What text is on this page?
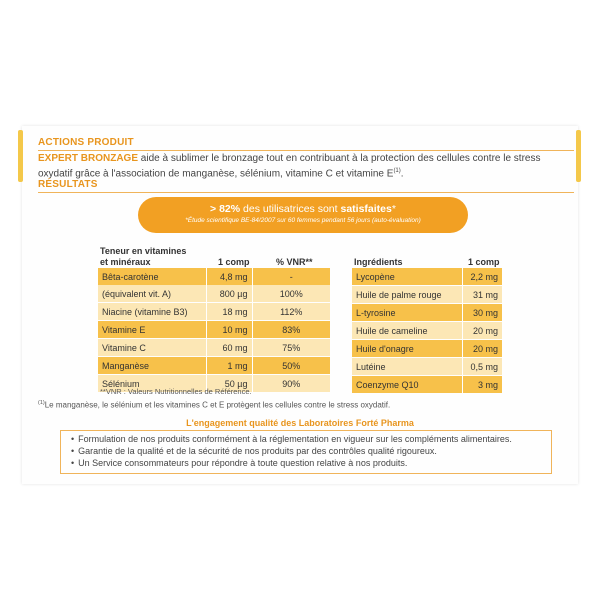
ACTIONS PRODUIT
EXPERT BRONZAGE aide à sublimer le bronzage tout en contribuant à la protection des cellules contre le stress oxydatif grâce à l'association de manganèse, sélénium, vitamine C et vitamine $E^{(1)}$.
RÉSULTATS
> 82% des utilisatrices sont satisfaites*
*Étude scientifique BE-84/2007 sur 60 femmes pendant 56 jours (auto-évaluation)
Teneur en vitamines
et minéraux	1 comp	% VNR**
Bêta-carotène	4,8 mg	-
(équivalent vit. A)	800 µg	100%

Niacine (vitamine B3)	18 mg	112%

Vitamine E	10 mg	83%

Vitamine C	60 mg	75%

Manganèse	1 mg	50%

Sélénium	50 µg	90%
**VNR : Valeurs Nutritionnelles de Référence.
Ingrédients	1 comp
Lycopène	2,2 mg

Huile de palme rouge	31 mg

L-tyrosine	30 mg

Huile de cameline	20 mg

Huile d'onagre	20 mg

Lutéine	0,5 mg

Coenzyme Q10	3 mg
$^{(1)}$Le manganèse, le sélénium et les vitamines C et E protègent les cellules contre le stress oxydatif.
L'engagement qualité des Laboratoires Forté Pharma
• Formulation de nos produits conformément à la réglementation en vigueur sur les compléments alimentaires.
• Garantie de la qualité et de la sécurité de nos produits par des contrôles qualité rigoureux.
• Un Service consommateurs pour répondre à toute question relative à nos produits.
